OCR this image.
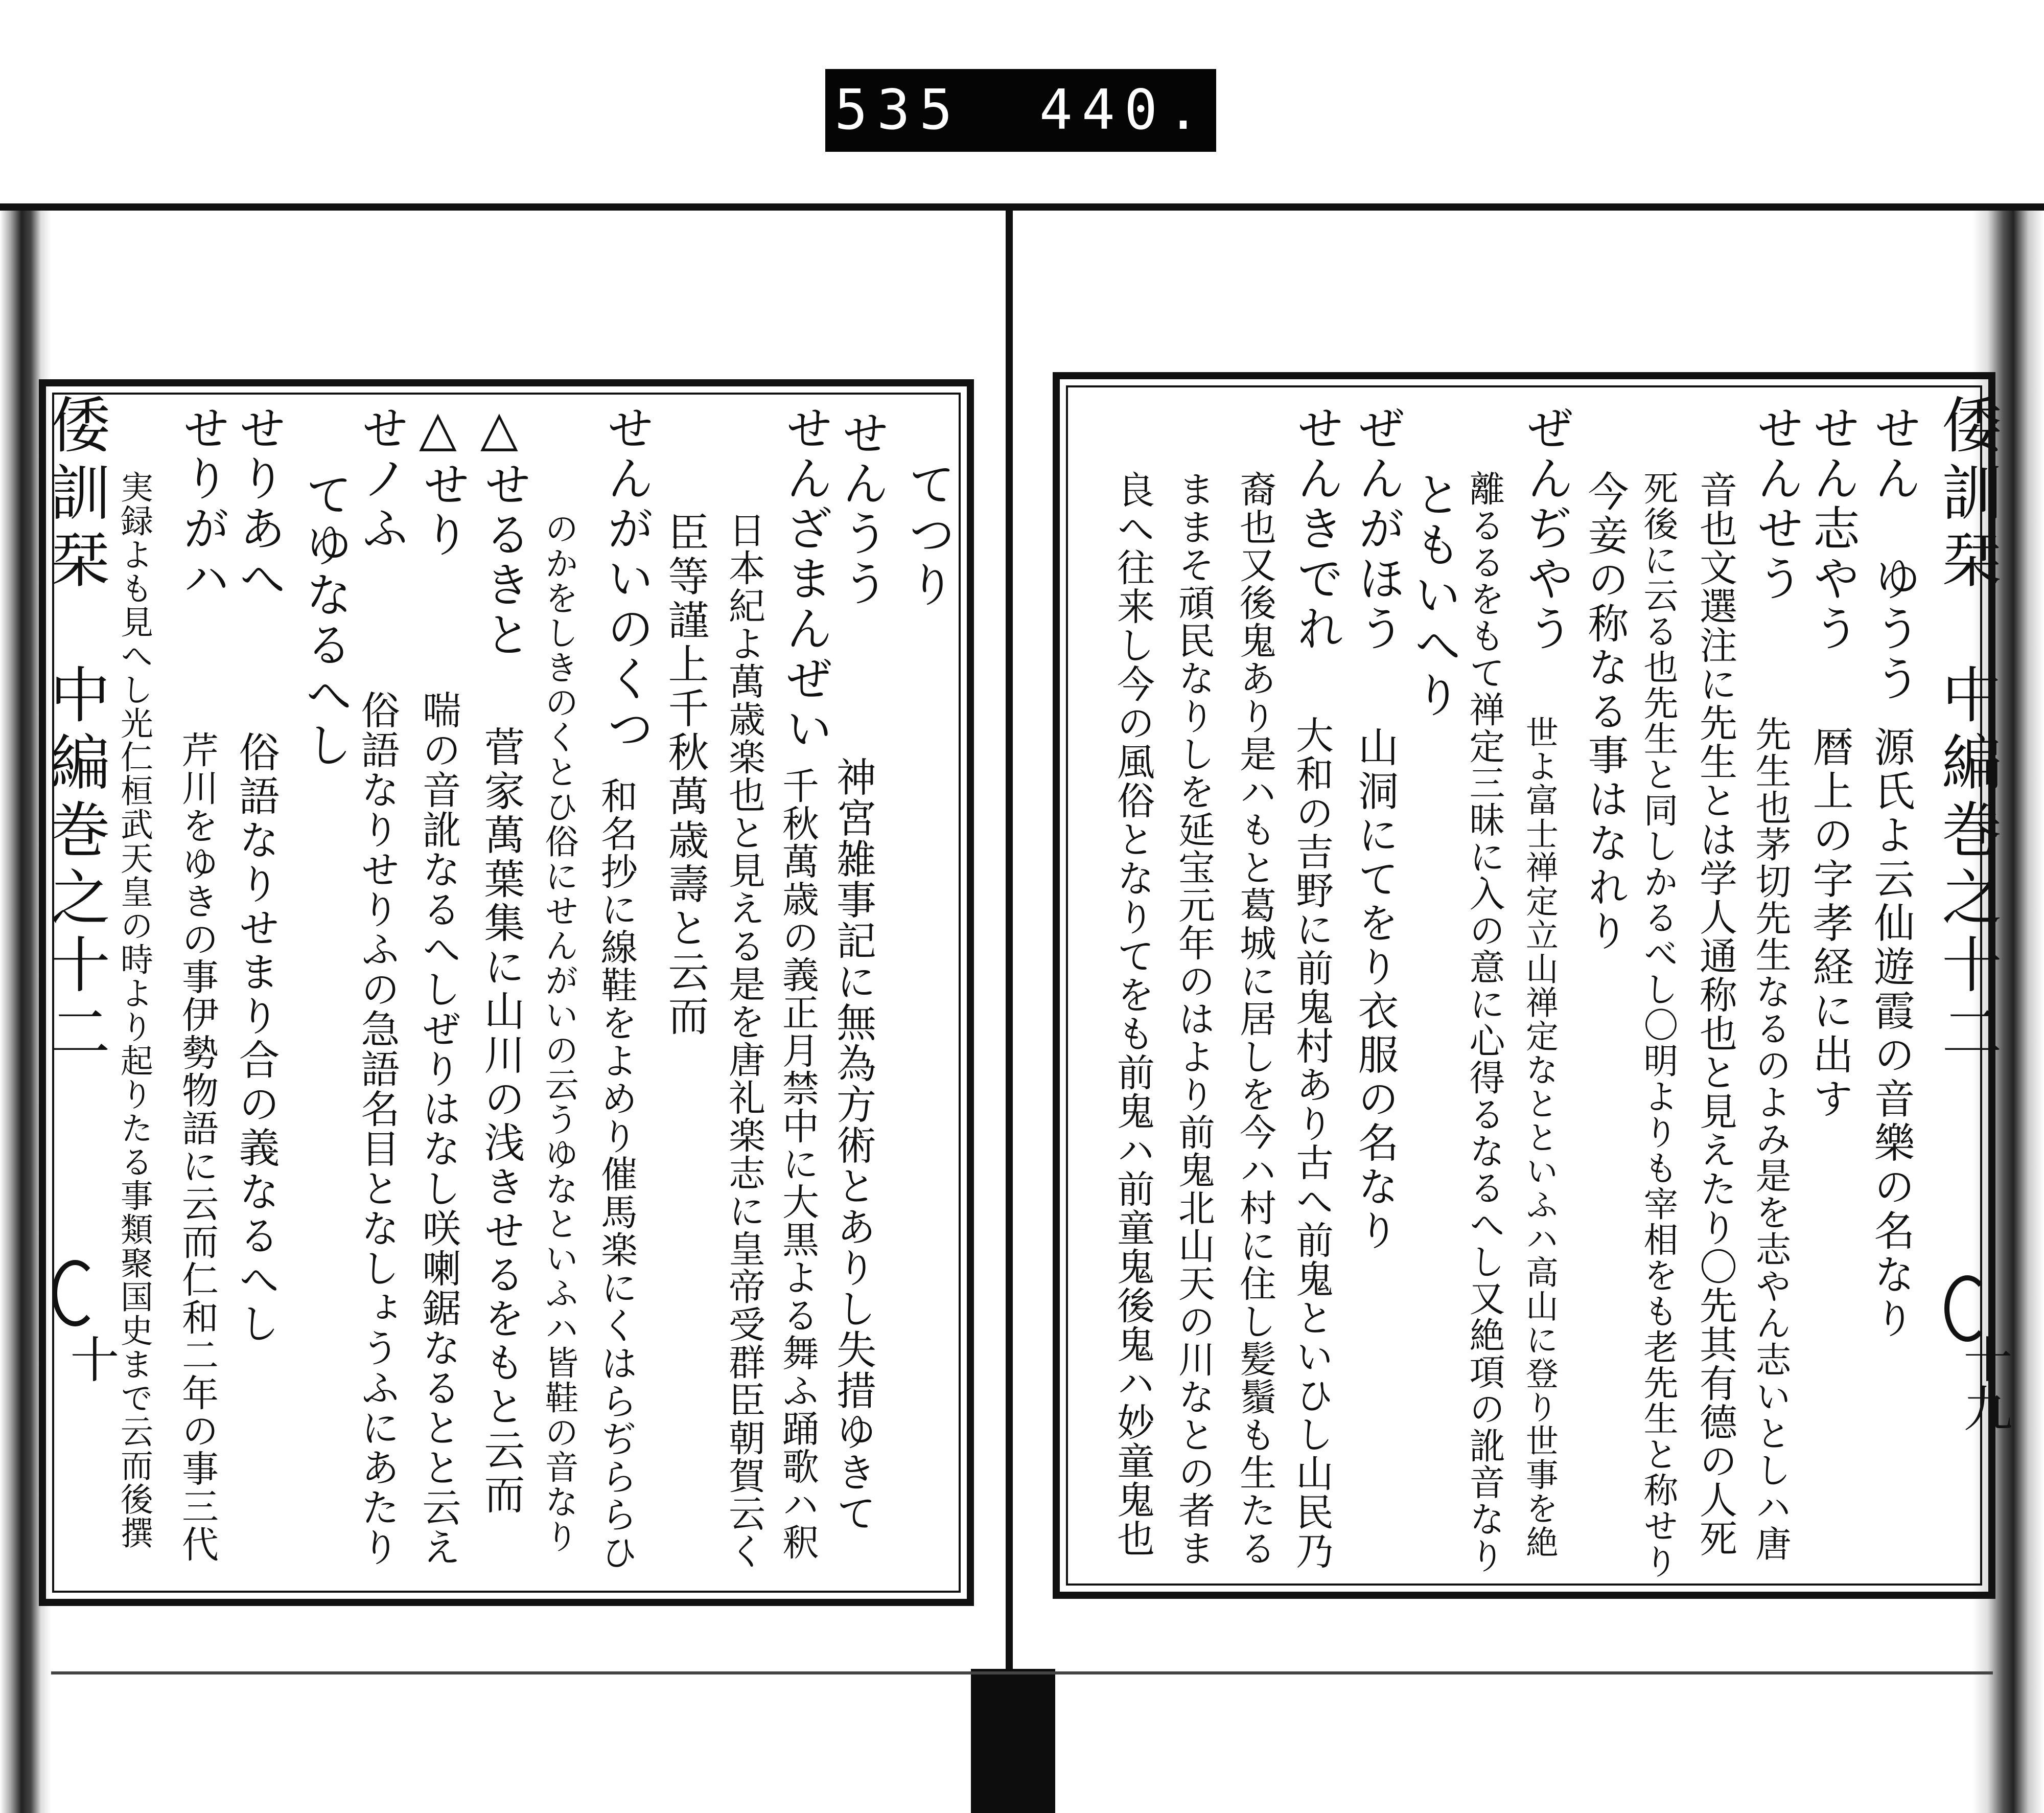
535 440.
倭訓栞　中編巻之十二
十
てつり
せんうう
神宮雑事記に無為方術とありし失措ゆきて
せんざまんぜい
千秋萬歳の義正月禁中に大黒よる舞ふ踊歌ハ釈
日本紀よ萬歳楽也と見える是を唐礼楽志に皇帝受群臣朝賀云く
臣等謹上千秋萬歳壽と云而
せんがいのくつ
和名抄に線鞋をよめり催馬楽にくはらぢららひ
のかをしきのくとひ俗にせんがいの云うゆなといふハ皆鞋の音なり
△
せるきと
菅家萬葉集に山川の浅きせるをもと云而
△
せり
喘の音訛なるへしぜりはなし咲喇鋸なるとと云え
せノふ
俗語なりせりふの急語名目となしょうふにあたり
てゆなるへし
せりあへ
俗語なりせまり合の義なるへし
せりがハ
芹川をゆきの事伊勢物語に云而仁和二年の事三代
実録よも見へし光仁桓武天皇の時より起りたる事類聚国史まで云而後撰	倭訓栞　中編巻之十二
十九
せん　ゆうう
源氏よ云仙遊霞の音樂の名なり
せん志やう
暦上の字孝経に出す
せんせう
先生也茅切先生なるのよみ是を志やん志いとしハ唐
音也文選注に先生とは学人通称也と見えたり〇先其有德の人死
死後に云る也先生と同しかるべし〇明よりも宰相をも老先生と称せり
今妾の称なる事はなれり
ぜんぢやう
世よ富士禅定立山禅定なとといふハ高山に登り世事を絶
離るるをもて禅定三昧に入の意に心得るなるへし又絶項の訛音なり
ともいへり
ぜんがほう
山洞にてをり衣服の名なり
せんきでれ
大和の吉野に前鬼村あり古へ前鬼といひし山民乃
裔也又後鬼あり是ハもと葛城に居しを今ハ村に住し髪鬚も生たる
ままそ頑民なりしを延宝元年のはより前鬼北山天の川なとの者ま
良へ往来し今の風俗となりてをも前鬼ハ前童鬼後鬼ハ妙童鬼也
